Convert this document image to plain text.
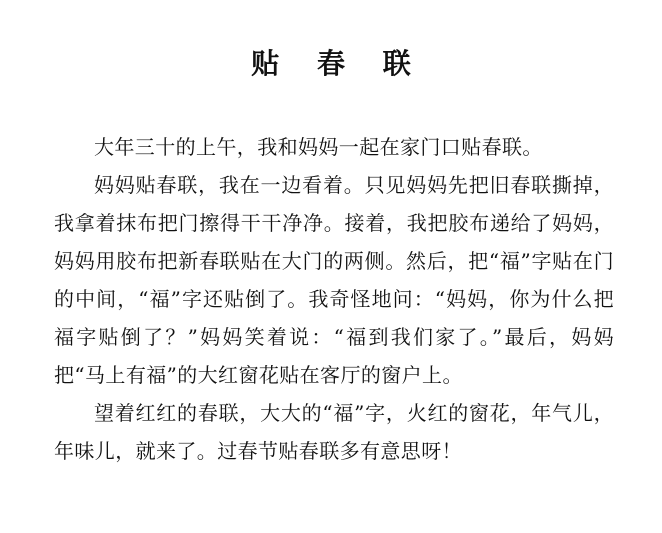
贴 春 联

大年三十的上午，我和妈妈一起在家门口贴春联。

妈妈贴春联，我在一边看着。只见妈妈先把旧春联撕掉，我拿着抹布把门擦得干干净净。接着，我把胶布递给了妈妈，妈妈用胶布把新春联贴在大门的两侧。然后，把“福”字贴在门的中间，“福”字还贴倒了。我奇怪地问：“妈妈，你为什么把福字贴倒了？”妈妈笑着说：“福到我们家了。”最后，妈妈把“马上有福”的大红窗花贴在客厅的窗户上。

望着红红的春联，大大的“福”字，火红的窗花，年气儿，年味儿，就来了。过春节贴春联多有意思呀！
